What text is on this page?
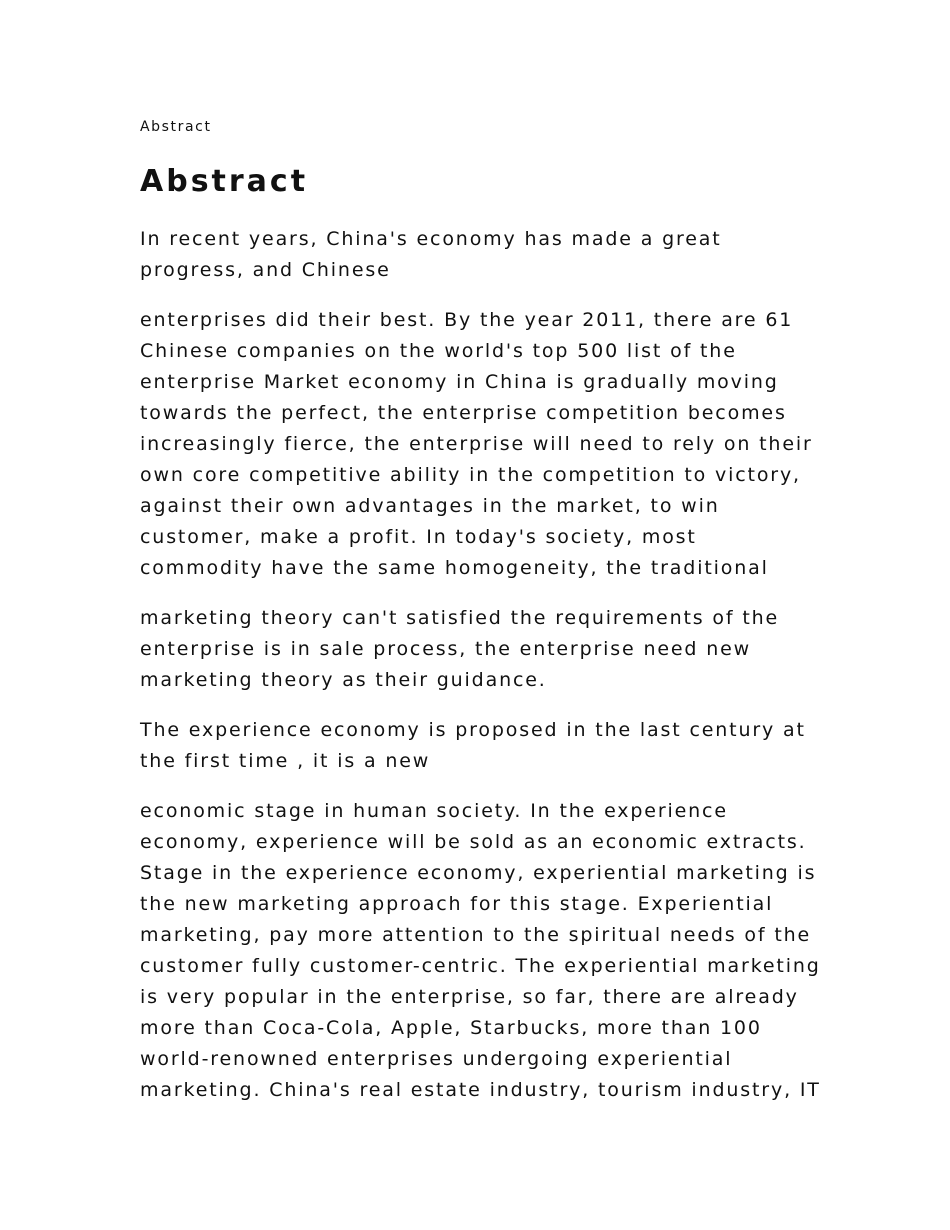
Abstract

Abstract

In recent years, China's economy has made a great
progress, and Chinese

enterprises did their best. By the year 2011, there are 61
Chinese companies on the world's top 500 list of the
enterprise Market economy in China is gradually moving
towards the perfect, the enterprise competition becomes
increasingly fierce, the enterprise will need to rely on their
own core competitive ability in the competition to victory,
against their own advantages in the market, to win
customer, make a profit. In today's society, most
commodity have the same homogeneity, the traditional

marketing theory can't satisfied the requirements of the
enterprise is in sale process, the enterprise need new
marketing theory as their guidance.

The experience economy is proposed in the last century at
the first time , it is a new

economic stage in human society. In the experience
economy, experience will be sold as an economic extracts.
Stage in the experience economy, experiential marketing is
the new marketing approach for this stage. Experiential
marketing, pay more attention to the spiritual needs of the
customer fully customer-centric. The experiential marketing
is very popular in the enterprise, so far, there are already
more than Coca-Cola, Apple, Starbucks, more than 100
world-renowned enterprises undergoing experiential
marketing. China's real estate industry, tourism industry, IT
